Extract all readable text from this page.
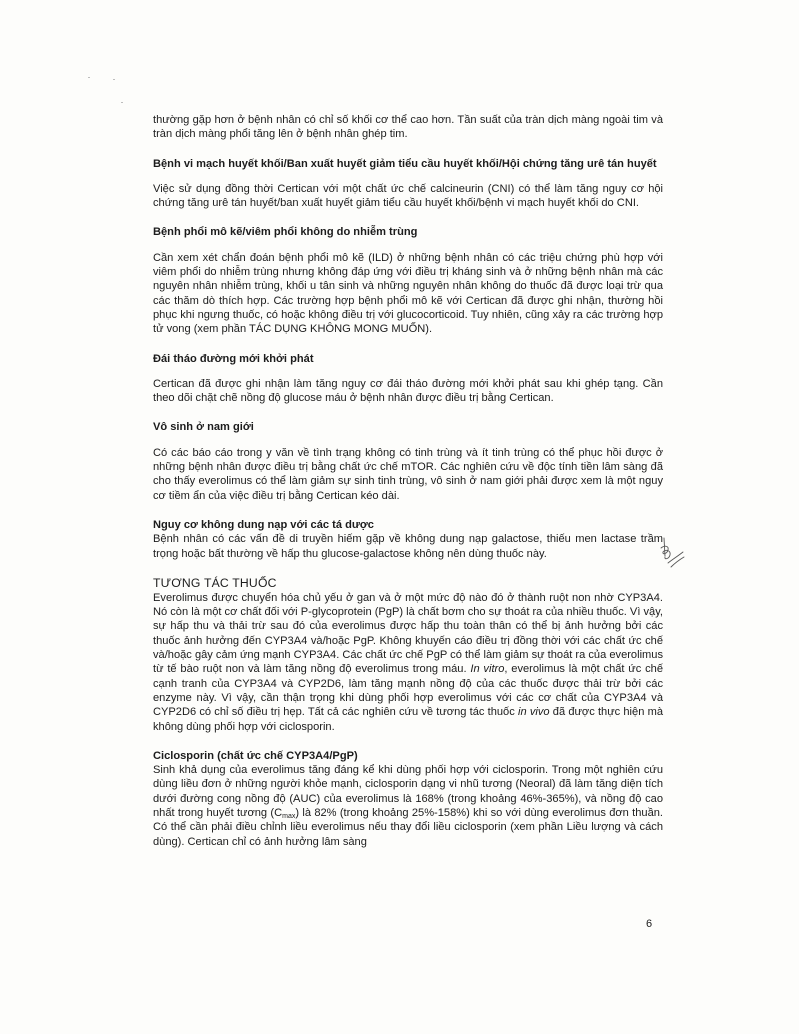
thường gặp hơn ở bệnh nhân có chỉ số khối cơ thể cao hơn. Tần suất của tràn dịch màng ngoài tim và tràn dịch màng phổi tăng lên ở bệnh nhân ghép tim.

Bệnh vi mạch huyết khối/Ban xuất huyết giảm tiểu cầu huyết khối/Hội chứng tăng urê tán huyết

Việc sử dụng đồng thời Certican với một chất ức chế calcineurin (CNI) có thể làm tăng nguy cơ hội chứng tăng urê tán huyết/ban xuất huyết giảm tiểu cầu huyết khối/bệnh vi mạch huyết khối do CNI.

Bệnh phổi mô kẽ/viêm phổi không do nhiễm trùng

Cần xem xét chẩn đoán bệnh phổi mô kẽ (ILD) ở những bệnh nhân có các triệu chứng phù hợp với viêm phổi do nhiễm trùng nhưng không đáp ứng với điều trị kháng sinh và ở những bệnh nhân mà các nguyên nhân nhiễm trùng, khối u tân sinh và những nguyên nhân không do thuốc đã được loại trừ qua các thăm dò thích hợp. Các trường hợp bệnh phổi mô kẽ với Certican đã được ghi nhận, thường hồi phục khi ngưng thuốc, có hoặc không điều trị với glucocorticoid. Tuy nhiên, cũng xảy ra các trường hợp tử vong (xem phần TÁC DỤNG KHÔNG MONG MUỐN).

Đái tháo đường mới khởi phát

Certican đã được ghi nhận làm tăng nguy cơ đái tháo đường mới khởi phát sau khi ghép tạng. Cần theo dõi chặt chẽ nồng độ glucose máu ở bệnh nhân được điều trị bằng Certican.

Vô sinh ở nam giới

Có các báo cáo trong y văn về tình trạng không có tinh trùng và ít tinh trùng có thể phục hồi được ở những bệnh nhân được điều trị bằng chất ức chế mTOR. Các nghiên cứu về độc tính tiền lâm sàng đã cho thấy everolimus có thể làm giảm sự sinh tinh trùng, vô sinh ở nam giới phải được xem là một nguy cơ tiềm ẩn của việc điều trị bằng Certican kéo dài.

Nguy cơ không dung nạp với các tá dược

Bệnh nhân có các vấn đề di truyền hiếm gặp về không dung nạp galactose, thiếu men lactase trầm trọng hoặc bất thường về hấp thu glucose-galactose không nên dùng thuốc này.

TƯƠNG TÁC THUỐC

Everolimus được chuyển hóa chủ yếu ở gan và ở một mức độ nào đó ở thành ruột non nhờ CYP3A4. Nó còn là một cơ chất đối với P-glycoprotein (PgP) là chất bơm cho sự thoát ra của nhiều thuốc. Vì vậy, sự hấp thu và thải trừ sau đó của everolimus được hấp thu toàn thân có thể bị ảnh hưởng bởi các thuốc ảnh hưởng đến CYP3A4 và/hoặc PgP. Không khuyến cáo điều trị đồng thời với các chất ức chế và/hoặc gây cảm ứng mạnh CYP3A4. Các chất ức chế PgP có thể làm giảm sự thoát ra của everolimus từ tế bào ruột non và làm tăng nồng độ everolimus trong máu. In vitro, everolimus là một chất ức chế cạnh tranh của CYP3A4 và CYP2D6, làm tăng mạnh nồng độ của các thuốc được thải trừ bởi các enzyme này. Vì vậy, cần thận trọng khi dùng phối hợp everolimus với các cơ chất của CYP3A4 và CYP2D6 có chỉ số điều trị hẹp. Tất cả các nghiên cứu về tương tác thuốc in vivo đã được thực hiện mà không dùng phối hợp với ciclosporin.

Ciclosporin (chất ức chế CYP3A4/PgP)

Sinh khả dụng của everolimus tăng đáng kể khi dùng phối hợp với ciclosporin. Trong một nghiên cứu dùng liều đơn ở những người khỏe mạnh, ciclosporin dạng vi nhũ tương (Neoral) đã làm tăng diện tích dưới đường cong nồng độ (AUC) của everolimus là 168% (trong khoảng 46%-365%), và nồng độ cao nhất trong huyết tương $(C_{max})$ là 82% (trong khoảng 25%-158%) khi so với dùng everolimus đơn thuần. Có thể cần phải điều chỉnh liều everolimus nếu thay đổi liều ciclosporin (xem phần Liều lượng và cách dùng). Certican chỉ có ảnh hưởng lâm sàng

6
